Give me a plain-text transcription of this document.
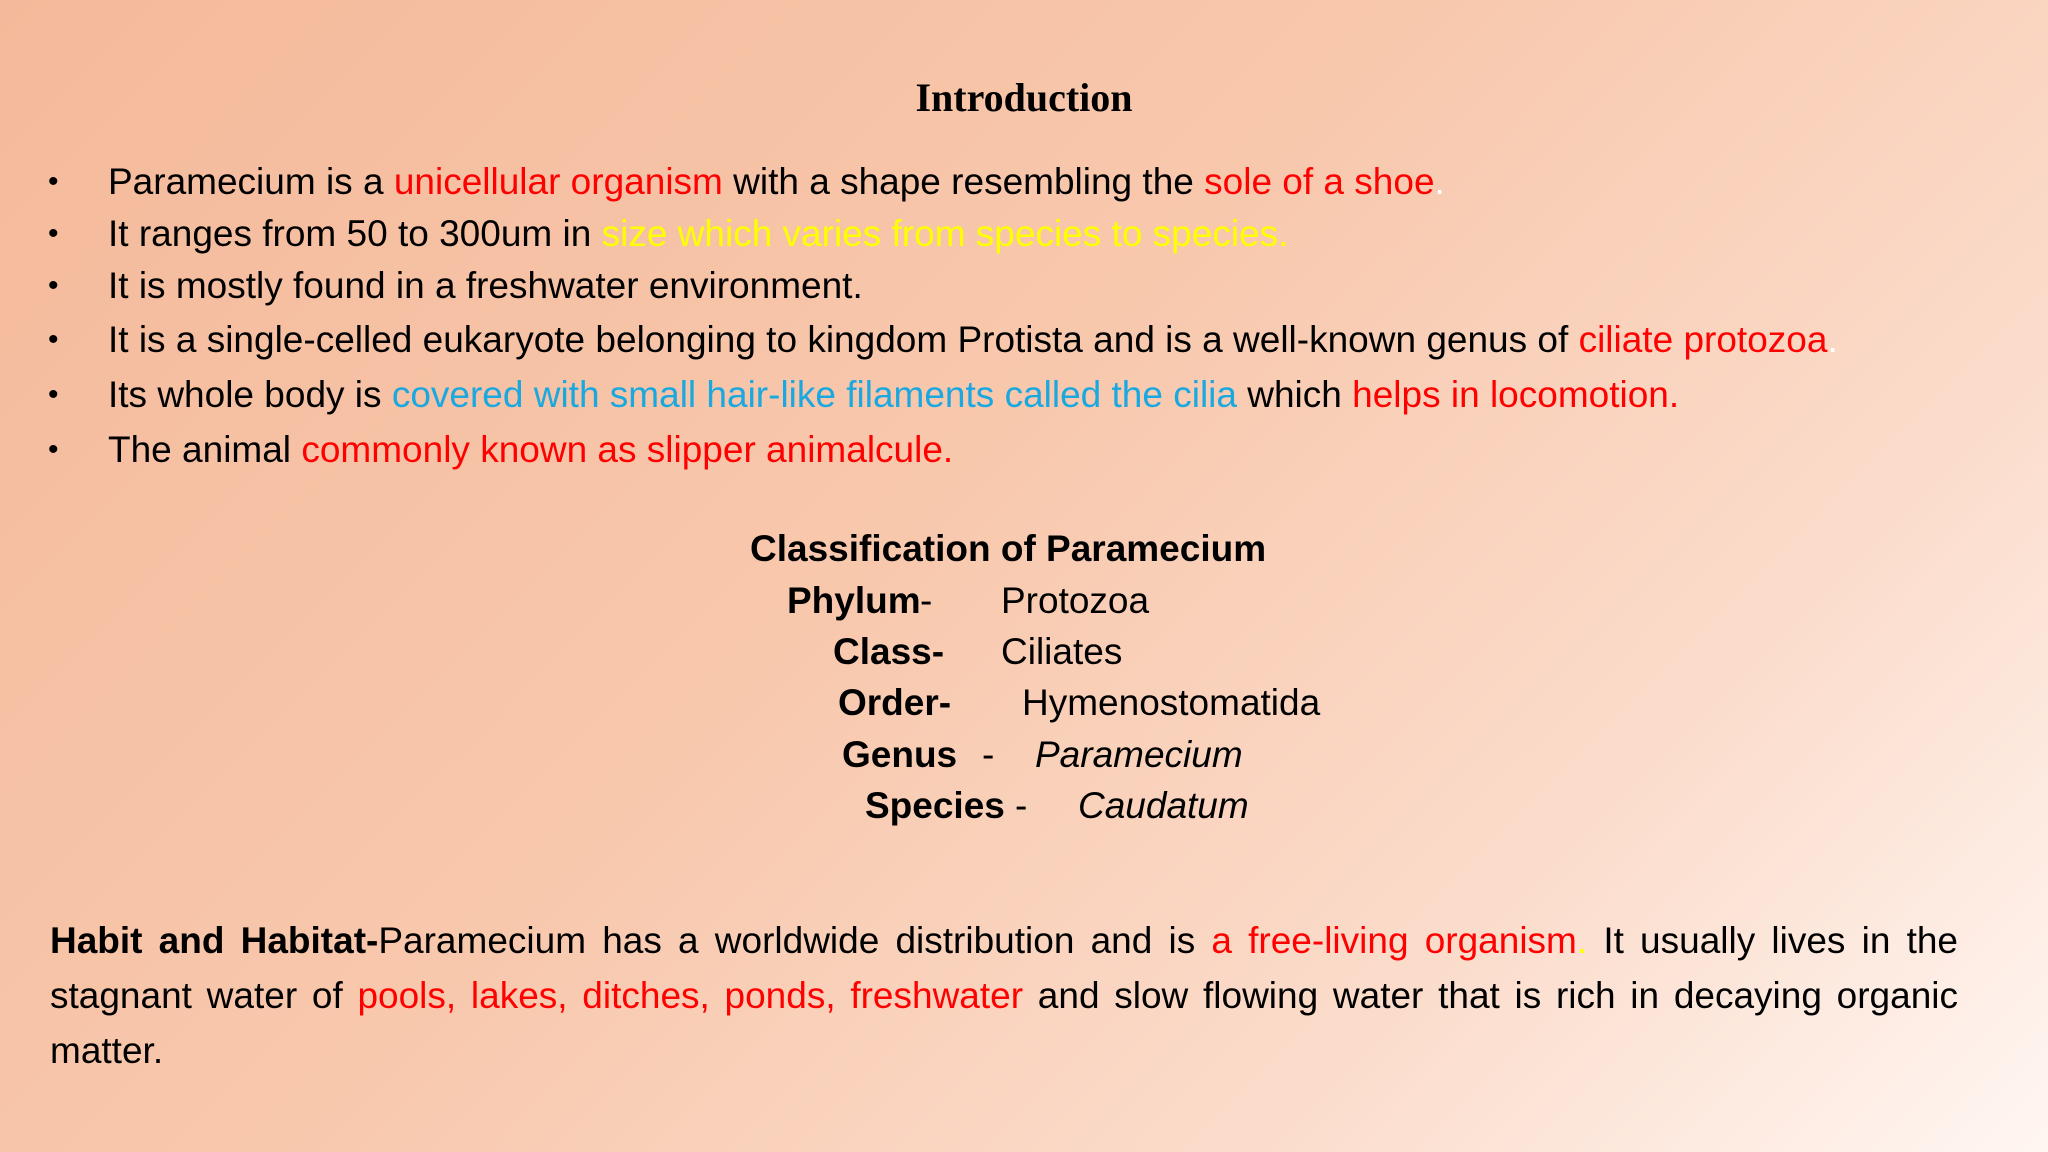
Introduction
• Paramecium is a unicellular organism with a shape resembling the sole of a shoe.
• It ranges from 50 to 300um in size which varies from species to species.
• It is mostly found in a freshwater environment.
• It is a single-celled eukaryote belonging to kingdom Protista and is a well-known genus of ciliate protozoa.
• Its whole body is covered with small hair-like filaments called the cilia which helps in locomotion.
• The animal commonly known as slipper animalcule.
Classification of Paramecium
Phylum - Protozoa
Class- Ciliates
Order- Hymenostomatida
Genus - Paramecium
Species - Caudatum

Habit and Habitat-Paramecium has a worldwide distribution and is a free-living organism. It usually lives in the stagnant water of pools, lakes, ditches, ponds, freshwater and slow flowing water that is rich in decaying organic matter.
